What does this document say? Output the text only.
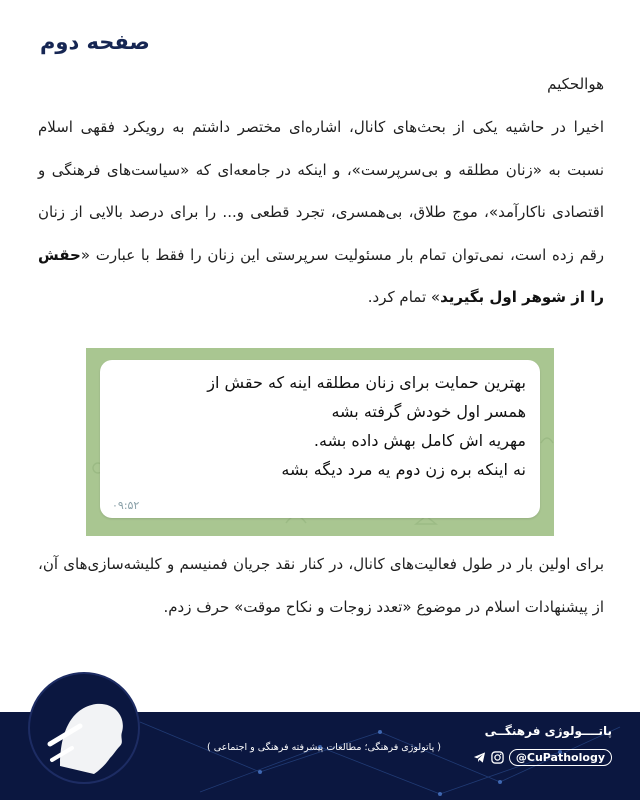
صفحه دوم
هوالحکیم

اخیرا در حاشیه یکی از بحث‌های کانال، اشاره‌ای مختصر داشتم به رویکرد فقهی اسلام نسبت به «زنان مطلقه و بی‌سرپرست»، و اینکه در جامعه‌ای که «سیاست‌های فرهنگی و اقتصادی ناکارآمد»، موج طلاق، بی‌همسری، تجرد قطعی و... را برای درصد بالایی از زنان رقم زده است، نمی‌توان تمام بار مسئولیت سرپرستی این زنان را فقط با عبارت «حقش را از شوهر اول بگیرید» تمام کرد.

بهترین حمایت برای زنان مطلقه اینه که حقش از
همسر اول خودش گرفته بشه
مهریه اش کامل بهش داده بشه.
نه اینکه بره زن دوم یه مرد دیگه بشه
۰۹:۵۲

برای اولین بار در طول فعالیت‌های کانال، در کنار نقد جریان فمنیسم و کلیشه‌سازی‌های آن، از پیشنهادات اسلام در موضوع «تعدد زوجات و نکاح موقت» حرف زدم.

پاتــــولوژی فرهنگــی
@CuPathology
( پاتولوژی فرهنگی؛ مطالعات پیشرفته فرهنگی و اجتماعی )
